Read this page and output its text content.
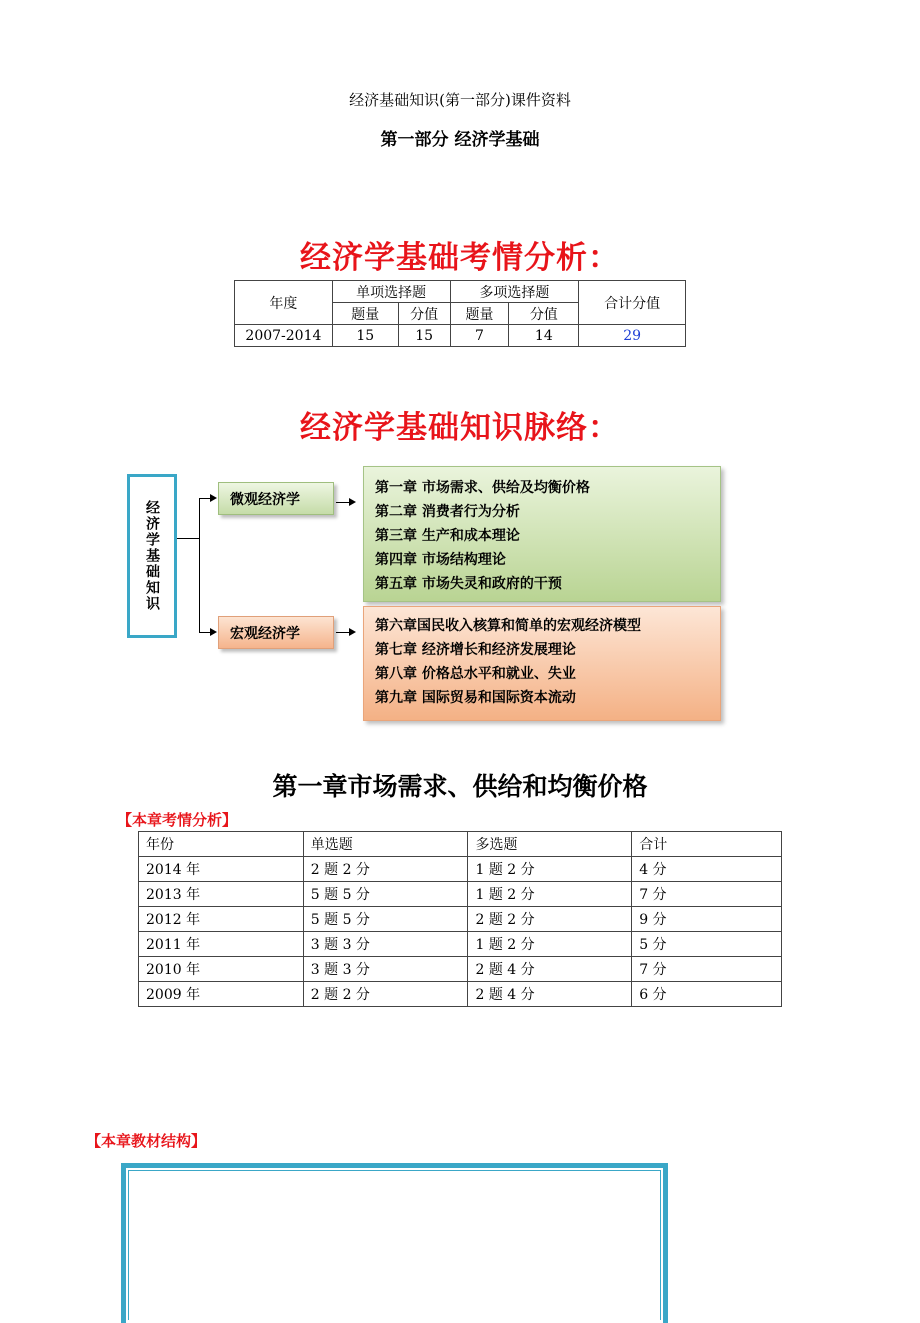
经济基础知识(第一部分)课件资料
第一部分 经济学基础
经济学基础考情分析：
年度	单项选择题		多项选择题		合计分值
	题量	分值	题量	分值	
2007-2014	15	15	7	14	29
经济学基础知识脉络：
经济学基础知识
微观经济学
宏观经济学
第一章 市场需求、供给及均衡价格
第二章 消费者行为分析
第三章 生产和成本理论
第四章 市场结构理论
第五章 市场失灵和政府的干预
第六章国民收入核算和简单的宏观经济模型
第七章 经济增长和经济发展理论
第八章 价格总水平和就业、失业
第九章 国际贸易和国际资本流动
第一章市场需求、供给和均衡价格
【本章考情分析】
年份	单选题	多选题	合计
2014 年	2 题 2 分	1 题 2 分	4 分
2013 年	5 题 5 分	1 题 2 分	7 分
2012 年	5 题 5 分	2 题 2 分	9 分
2011 年	3 题 3 分	1 题 2 分	5 分
2010 年	3 题 3 分	2 题 4 分	7 分
2009 年	2 题 2 分	2 题 4 分	6 分
【本章教材结构】
